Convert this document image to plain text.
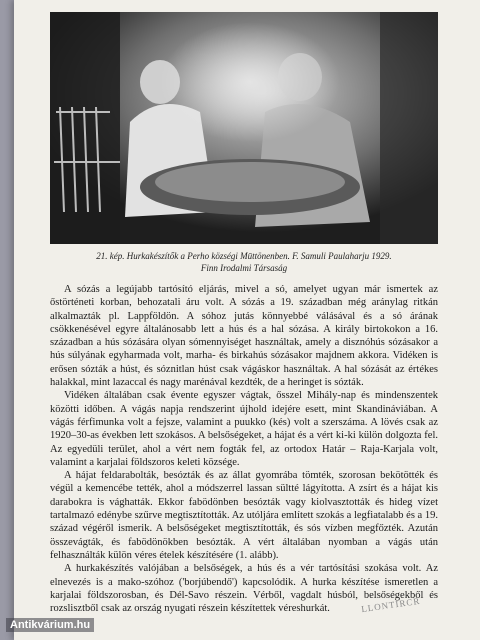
21. kép. Hurkakészítők a Perho községi Mūttönenben. F. Samuli Paulaharju 1929.
Finn Irodalmi Társaság

A sózás a legújabb tartósító eljárás, mivel a só, amelyet ugyan már ismertek az őstörténeti korban, behozatali áru volt. A sózás a 19. században még aránylag ritkán alkalmazták pl. Lappföldön. A sóhoz jutás könnyebbé válásával és a só árának csökkenésével egyre általánosabb lett a hús és a hal sózása. A király birtokokon a 16. században a hús sózására olyan sómennyiséget használtak, amely a disznóhús sózásakor a hús súlyának egyharmada volt, marha- és birkahús sózásakor majdnem akkora. Vidéken is erősen sózták a húst, és sóznitlan húst csak vágáskor használtak. A hal sózását az értékes halakkal, mint lazaccal és nagy marénával kezdték, de a heringet is sózták.

Vidéken általában csak évente egyszer vágtak, ősszel Mihály-nap és mindenszentek közötti időben. A vágás napja rendszerint újhold idejére esett, mint Skandináviában. A vágás férfimunka volt a fejsze, valamint a puukko (kés) volt a szerszáma. A lövés csak az 1920–30-as években lett szokásos. A belsőségeket, a hájat és a vért ki-ki külön dolgozta fel. Az egyedüli terület, ahol a vért nem fogták fel, az ortodox Határ – Raja-Karjala volt, valamint a karjalai földszoros keleti községe.

A hájat feldarabolták, besózták és az állat gyomrába tömték, szorosan bekötötték és végül a kemencébe tették, ahol a módszerrel lassan sültté lágyította. A zsírt és a hájat kis darabokra is vághatták. Ekkor fabödönben besózták vagy kiolvasztották és hideg vízet tartalmazó edénybe szűrve megtisztították. Az utóljára említett szokás a legfiatalabb és a 19. század végéről ismerik. A belsőségeket megtisztították, és sós vízben megfőzték. Azután összevágták, és fabödönökben besózták. A vért általában nyomban a vágás után felhasználták külön véres ételek készítésére (1. alább).

A hurkakészítés valójában a belsőségek, a hús és a vér tartósítási szokása volt. Az elnevezés is a mako-szóhoz ('borjúbendő') kapcsolódik. A hurka készítése ismeretlen a karjalai földszorosban, és Dél-Savo részein. Vérből, vagdalt húsból, belsőségekből és rozslisztből csak az ország nyugati részein készítettek véreshurkát.	LLONTIRCR
Antikvárium.hu
